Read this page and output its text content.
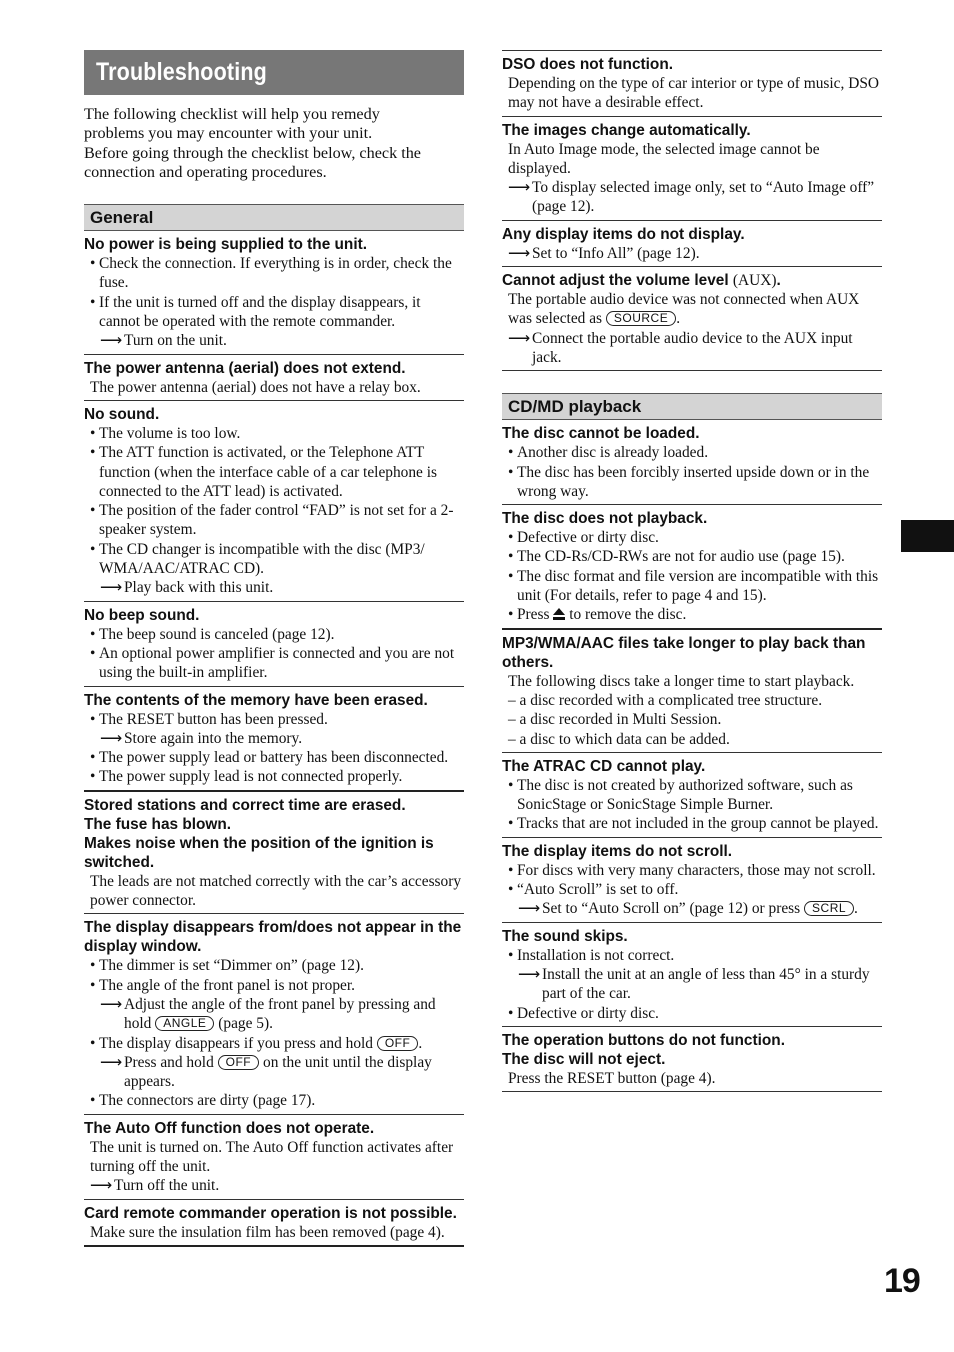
Troubleshooting
The following checklist will help you remedy
problems you may encounter with your unit.
Before going through the checklist below, check the
connection and operating procedures.
General
No power is being supplied to the unit.
• Check the connection. If everything is in order, check the fuse.
• If the unit is turned off and the display disappears, it cannot be operated with the remote commander.
⟶ Turn on the unit.
The power antenna (aerial) does not extend.
The power antenna (aerial) does not have a relay box.
No sound.
• The volume is too low.
• The ATT function is activated, or the Telephone ATT function (when the interface cable of a car telephone is connected to the ATT lead) is activated.
• The position of the fader control “FAD” is not set for a 2-speaker system.
• The CD changer is incompatible with the disc (MP3/ WMA/AAC/ATRAC CD).
⟶ Play back with this unit.
No beep sound.
• The beep sound is canceled (page 12).
• An optional power amplifier is connected and you are not using the built-in amplifier.
The contents of the memory have been erased.
• The RESET button has been pressed.
⟶ Store again into the memory.
• The power supply lead or battery has been disconnected.
• The power supply lead is not connected properly.
Stored stations and correct time are erased.
The fuse has blown.
Makes noise when the position of the ignition is switched.
The leads are not matched correctly with the car’s accessory power connector.
The display disappears from/does not appear in the display window.
• The dimmer is set “Dimmer on” (page 12).
• The angle of the front panel is not proper.
⟶ Adjust the angle of the front panel by pressing and hold ANGLE (page 5).
• The display disappears if you press and hold OFF .
⟶ Press and hold OFF on the unit until the display appears.
• The connectors are dirty (page 17).
The Auto Off function does not operate.
The unit is turned on. The Auto Off function activates after turning off the unit.
⟶ Turn off the unit.
Card remote commander operation is not possible.
Make sure the insulation film has been removed (page 4).
DSO does not function.
Depending on the type of car interior or type of music, DSO may not have a desirable effect.
The images change automatically.
In Auto Image mode, the selected image cannot be displayed.
⟶ To display selected image only, set to “Auto Image off” (page 12).
Any display items do not display.
⟶ Set to “Info All” (page 12).
Cannot adjust the volume level (AUX).
The portable audio device was not connected when AUX was selected as SOURCE .
⟶ Connect the portable audio device to the AUX input jack.
CD/MD playback
The disc cannot be loaded.
• Another disc is already loaded.
• The disc has been forcibly inserted upside down or in the wrong way.
The disc does not playback.
• Defective or dirty disc.
• The CD-Rs/CD-RWs are not for audio use (page 15).
• The disc format and file version are incompatible with this unit (For details, refer to page 4 and 15).
• Press to remove the disc.
MP3/WMA/AAC files take longer to play back than others.
The following discs take a longer time to start playback.
– a disc recorded with a complicated tree structure.
– a disc recorded in Multi Session.
– a disc to which data can be added.
The ATRAC CD cannot play.
• The disc is not created by authorized software, such as SonicStage or SonicStage Simple Burner.
• Tracks that are not included in the group cannot be played.
The display items do not scroll.
• For discs with very many characters, those may not scroll.
• “Auto Scroll” is set to off.
⟶ Set to “Auto Scroll on” (page 12) or press SCRL .
The sound skips.
• Installation is not correct.
⟶ Install the unit at an angle of less than 45° in a sturdy part of the car.
• Defective or dirty disc.
The operation buttons do not function.
The disc will not eject.
Press the RESET button (page 4).
19
